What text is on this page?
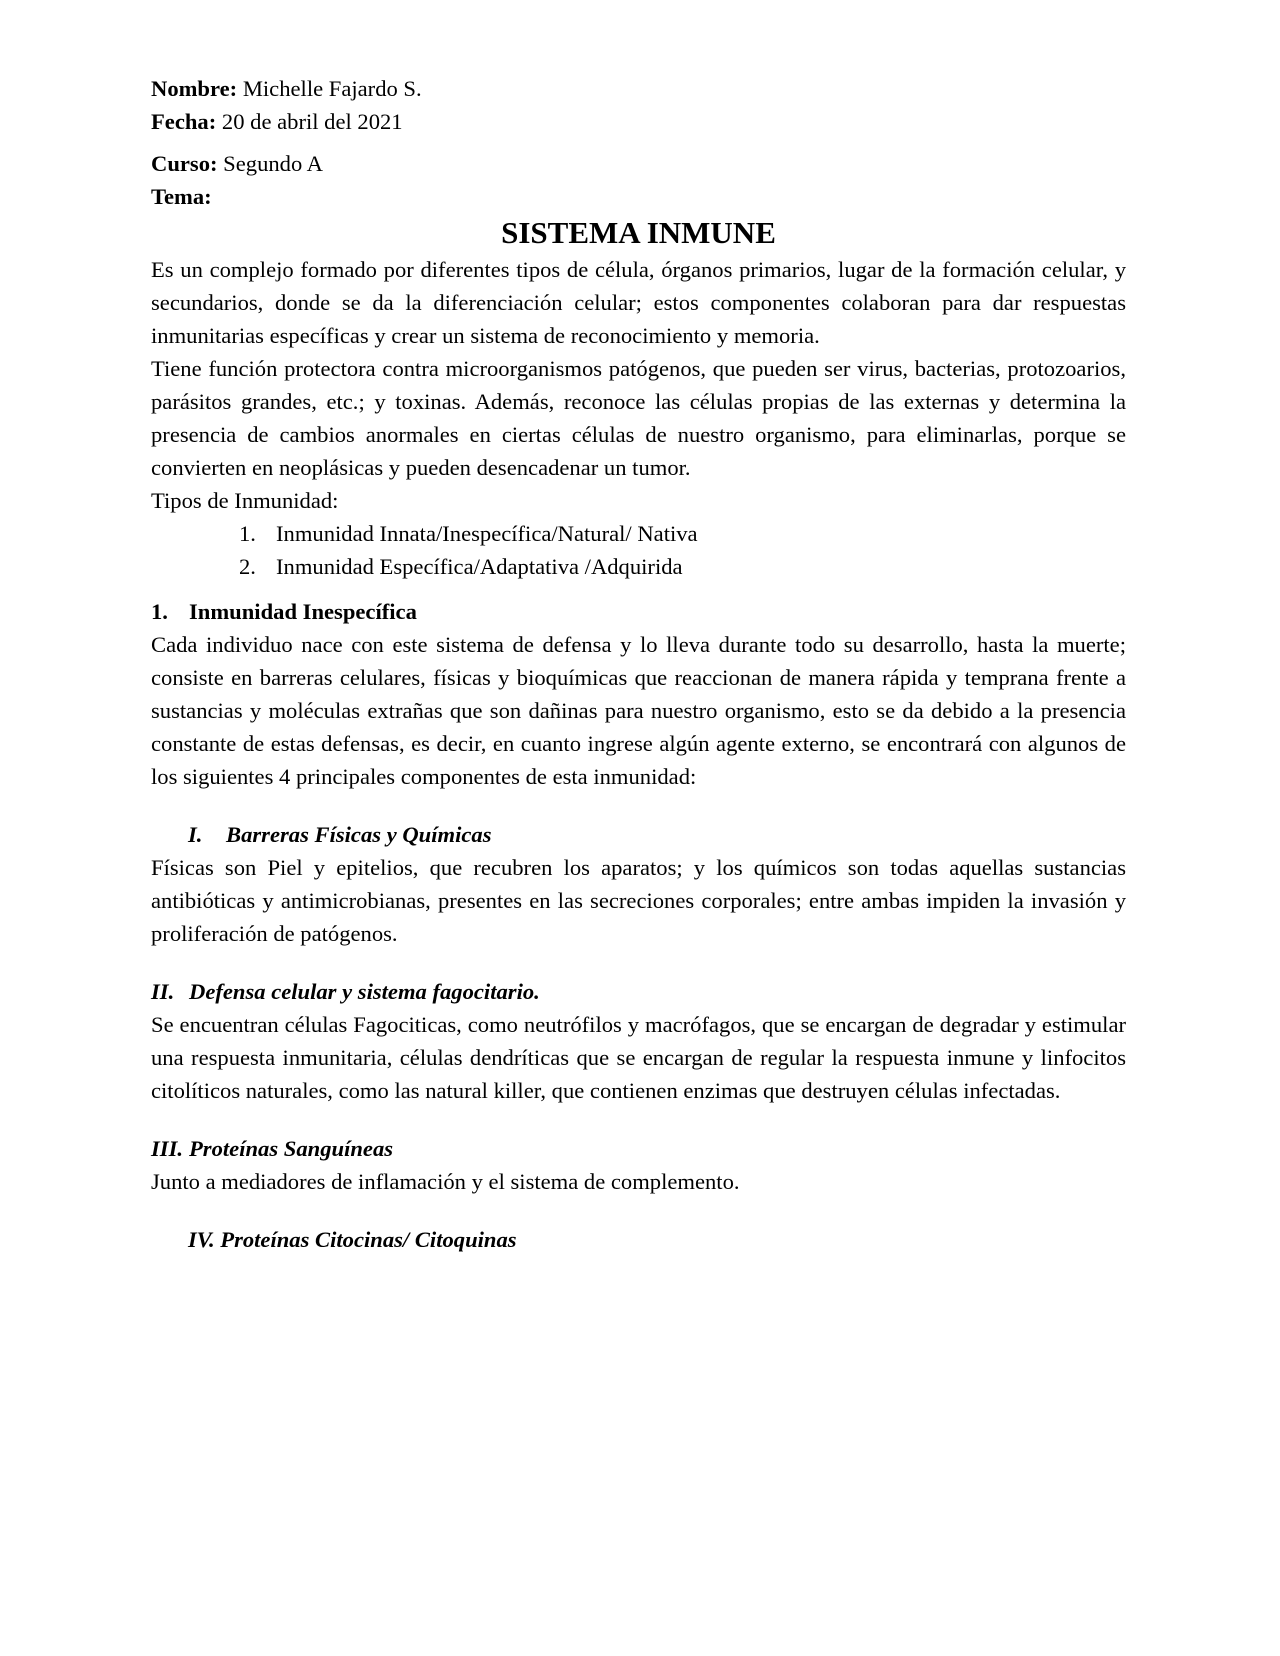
Nombre: Michelle Fajardo S.
Fecha: 20 de abril del 2021
Curso: Segundo A
Tema:
SISTEMA INMUNE

Es un complejo formado por diferentes tipos de célula, órganos primarios, lugar de la formación celular, y secundarios, donde se da la diferenciación celular; estos componentes colaboran para dar respuestas inmunitarias específicas y crear un sistema de reconocimiento y memoria.

Tiene función protectora contra microorganismos patógenos, que pueden ser virus, bacterias, protozoarios, parásitos grandes, etc.; y toxinas. Además, reconoce las células propias de las externas y determina la presencia de cambios anormales en ciertas células de nuestro organismo, para eliminarlas, porque se convierten en neoplásicas y pueden desencadenar un tumor.

Tipos de Inmunidad:

1. Inmunidad Innata/Inespecífica/Natural/ Nativa
2. Inmunidad Específica/Adaptativa /Adquirida
1. Inmunidad Inespecífica

Cada individuo nace con este sistema de defensa y lo lleva durante todo su desarrollo, hasta la muerte; consiste en barreras celulares, físicas y bioquímicas que reaccionan de manera rápida y temprana frente a sustancias y moléculas extrañas que son dañinas para nuestro organismo, esto se da debido a la presencia constante de estas defensas, es decir, en cuanto ingrese algún agente externo, se encontrará con algunos de los siguientes 4 principales componentes de esta inmunidad:

I. Barreras Físicas y Químicas

Físicas son Piel y epitelios, que recubren los aparatos; y los químicos son todas aquellas sustancias antibióticas y antimicrobianas, presentes en las secreciones corporales; entre ambas impiden la invasión y proliferación de patógenos.

II. Defensa celular y sistema fagocitario.

Se encuentran células Fagociticas, como neutrófilos y macrófagos, que se encargan de degradar y estimular una respuesta inmunitaria, células dendríticas que se encargan de regular la respuesta inmune y linfocitos citolíticos naturales, como las natural killer, que contienen enzimas que destruyen células infectadas.

III. Proteínas Sanguíneas

Junto a mediadores de inflamación y el sistema de complemento.

IV. Proteínas Citocinas/ Citoquinas
